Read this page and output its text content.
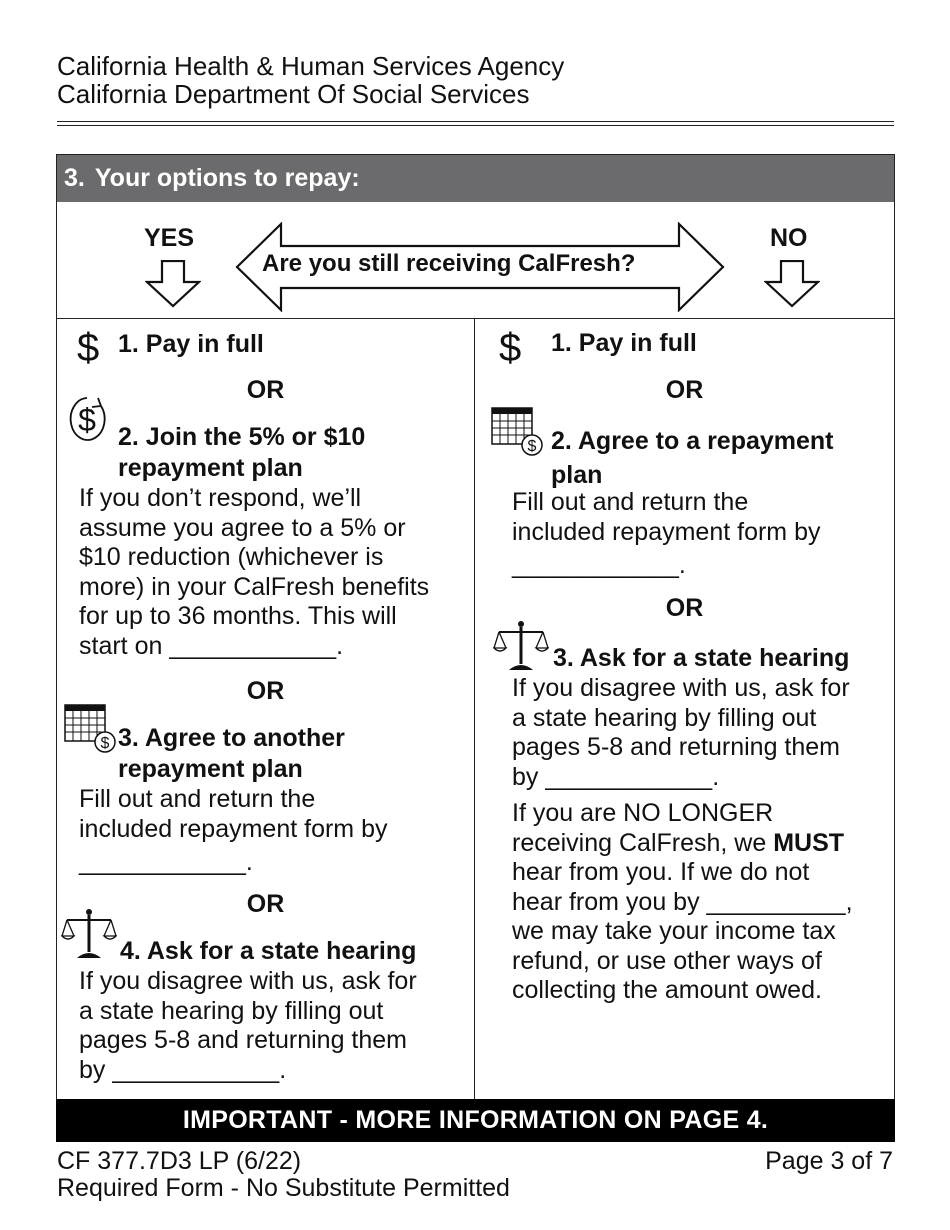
California Health & Human Services Agency
California Department Of Social Services
3. Your options to repay:
YES	NO
Are you still receiving CalFresh?
$ 1. Pay in full
OR
$ 2. Join the 5% or $10
repayment plan
If you don’t respond, we’ll
assume you agree to a 5% or
$10 reduction (whichever is
more) in your CalFresh benefits
for up to 36 months. This will
start on ____________.
OR
$ 3. Agree to another
repayment plan
Fill out and return the
included repayment form by
____________.
OR
4. Ask for a state hearing
If you disagree with us, ask for
a state hearing by filling out
pages 5-8 and returning them
by ____________.
$ 1. Pay in full
OR
$ 2. Agree to a repayment
plan
Fill out and return the
included repayment form by
____________.
OR
3. Ask for a state hearing
If you disagree with us, ask for
a state hearing by filling out
pages 5-8 and returning them
by ____________.
If you are NO LONGER
receiving CalFresh, we MUST
hear from you. If we do not
hear from you by __________,
we may take your income tax
refund, or use other ways of
collecting the amount owed.
IMPORTANT - MORE INFORMATION ON PAGE 4.
CF 377.7D3 LP (6/22)
Required Form - No Substitute Permitted
Page 3 of 7
